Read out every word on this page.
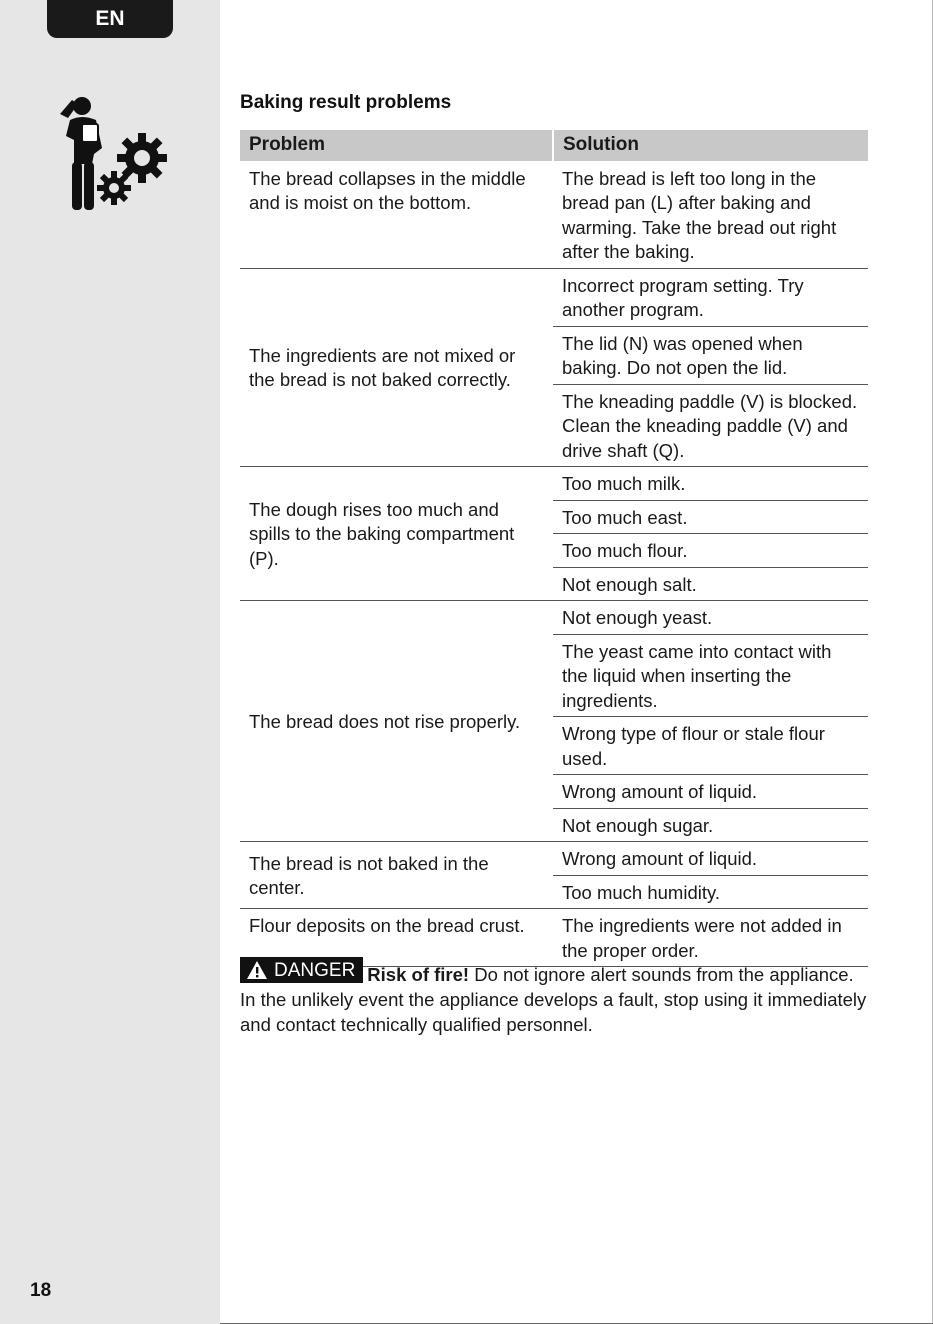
EN
18
Baking result problems
Problem	Solution
The bread collapses in the middle and is moist on the bottom.	The bread is left too long in the bread pan (L) after baking and warming. Take the bread out right after the baking.
The ingredients are not mixed or the bread is not baked correctly.	Incorrect program setting. Try another program.
	The lid (N) was opened when baking. Do not open the lid.
	The kneading paddle (V) is blocked. Clean the kneading paddle (V) and drive shaft (Q).
The dough rises too much and spills to the baking compartment (P).	Too much milk.
	Too much east.
	Too much flour.
	Not enough salt.
The bread does not rise properly.	Not enough yeast.
	The yeast came into contact with the liquid when inserting the ingredients.
	Wrong type of flour or stale flour used.
	Wrong amount of liquid.
	Not enough sugar.
The bread is not baked in the center.	Wrong amount of liquid.
	Too much humidity.
Flour deposits on the bread crust.	The ingredients were not added in the proper order.
DANGER Risk of fire! Do not ignore alert sounds from the appliance. In the unlikely event the appliance develops a fault, stop using it immediately and contact technically qualified personnel.
